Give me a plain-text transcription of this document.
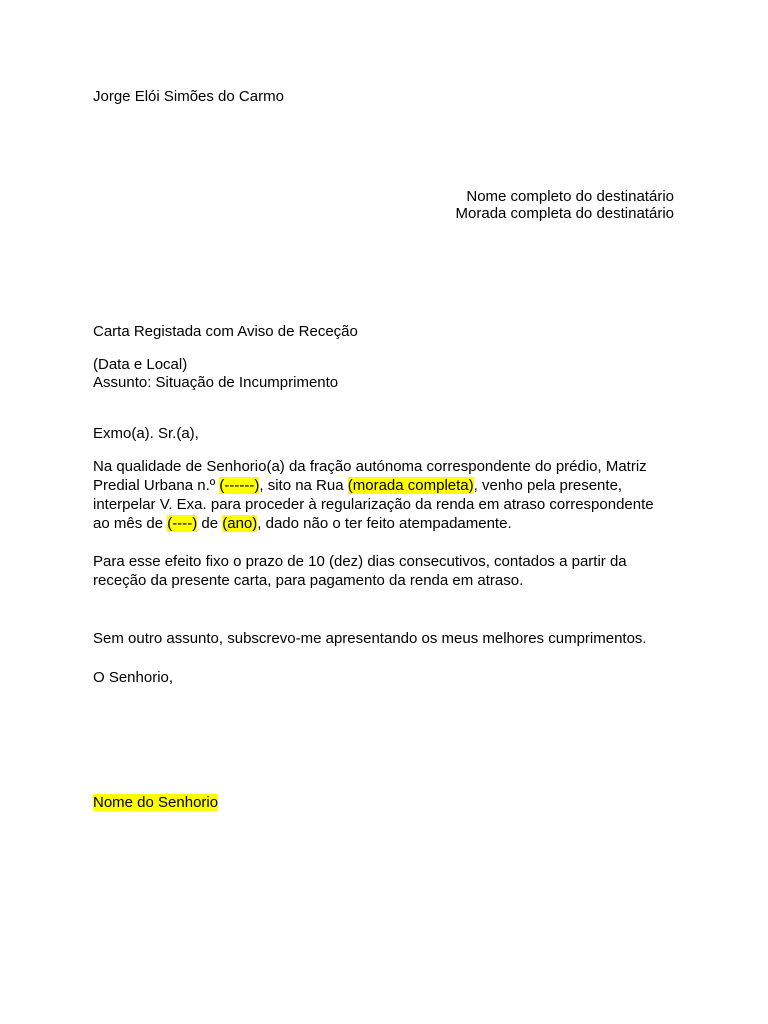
Jorge Elói Simões do Carmo
Nome completo do destinatário
Morada completa do destinatário
Carta Registada com Aviso de Receção
(Data e Local)
Assunto: Situação de Incumprimento
Exmo(a). Sr.(a),
Na qualidade de Senhorio(a) da fração autónoma correspondente do prédio, Matriz
Predial Urbana n.º (------), sito na Rua (morada completa), venho pela presente,
interpelar V. Exa. para proceder à regularização da renda em atraso correspondente
ao mês de (----) de (ano), dado não o ter feito atempadamente.
Para esse efeito fixo o prazo de 10 (dez) dias consecutivos, contados a partir da
receção da presente carta, para pagamento da renda em atraso.
Sem outro assunto, subscrevo-me apresentando os meus melhores cumprimentos.
O Senhorio,
Nome do Senhorio
